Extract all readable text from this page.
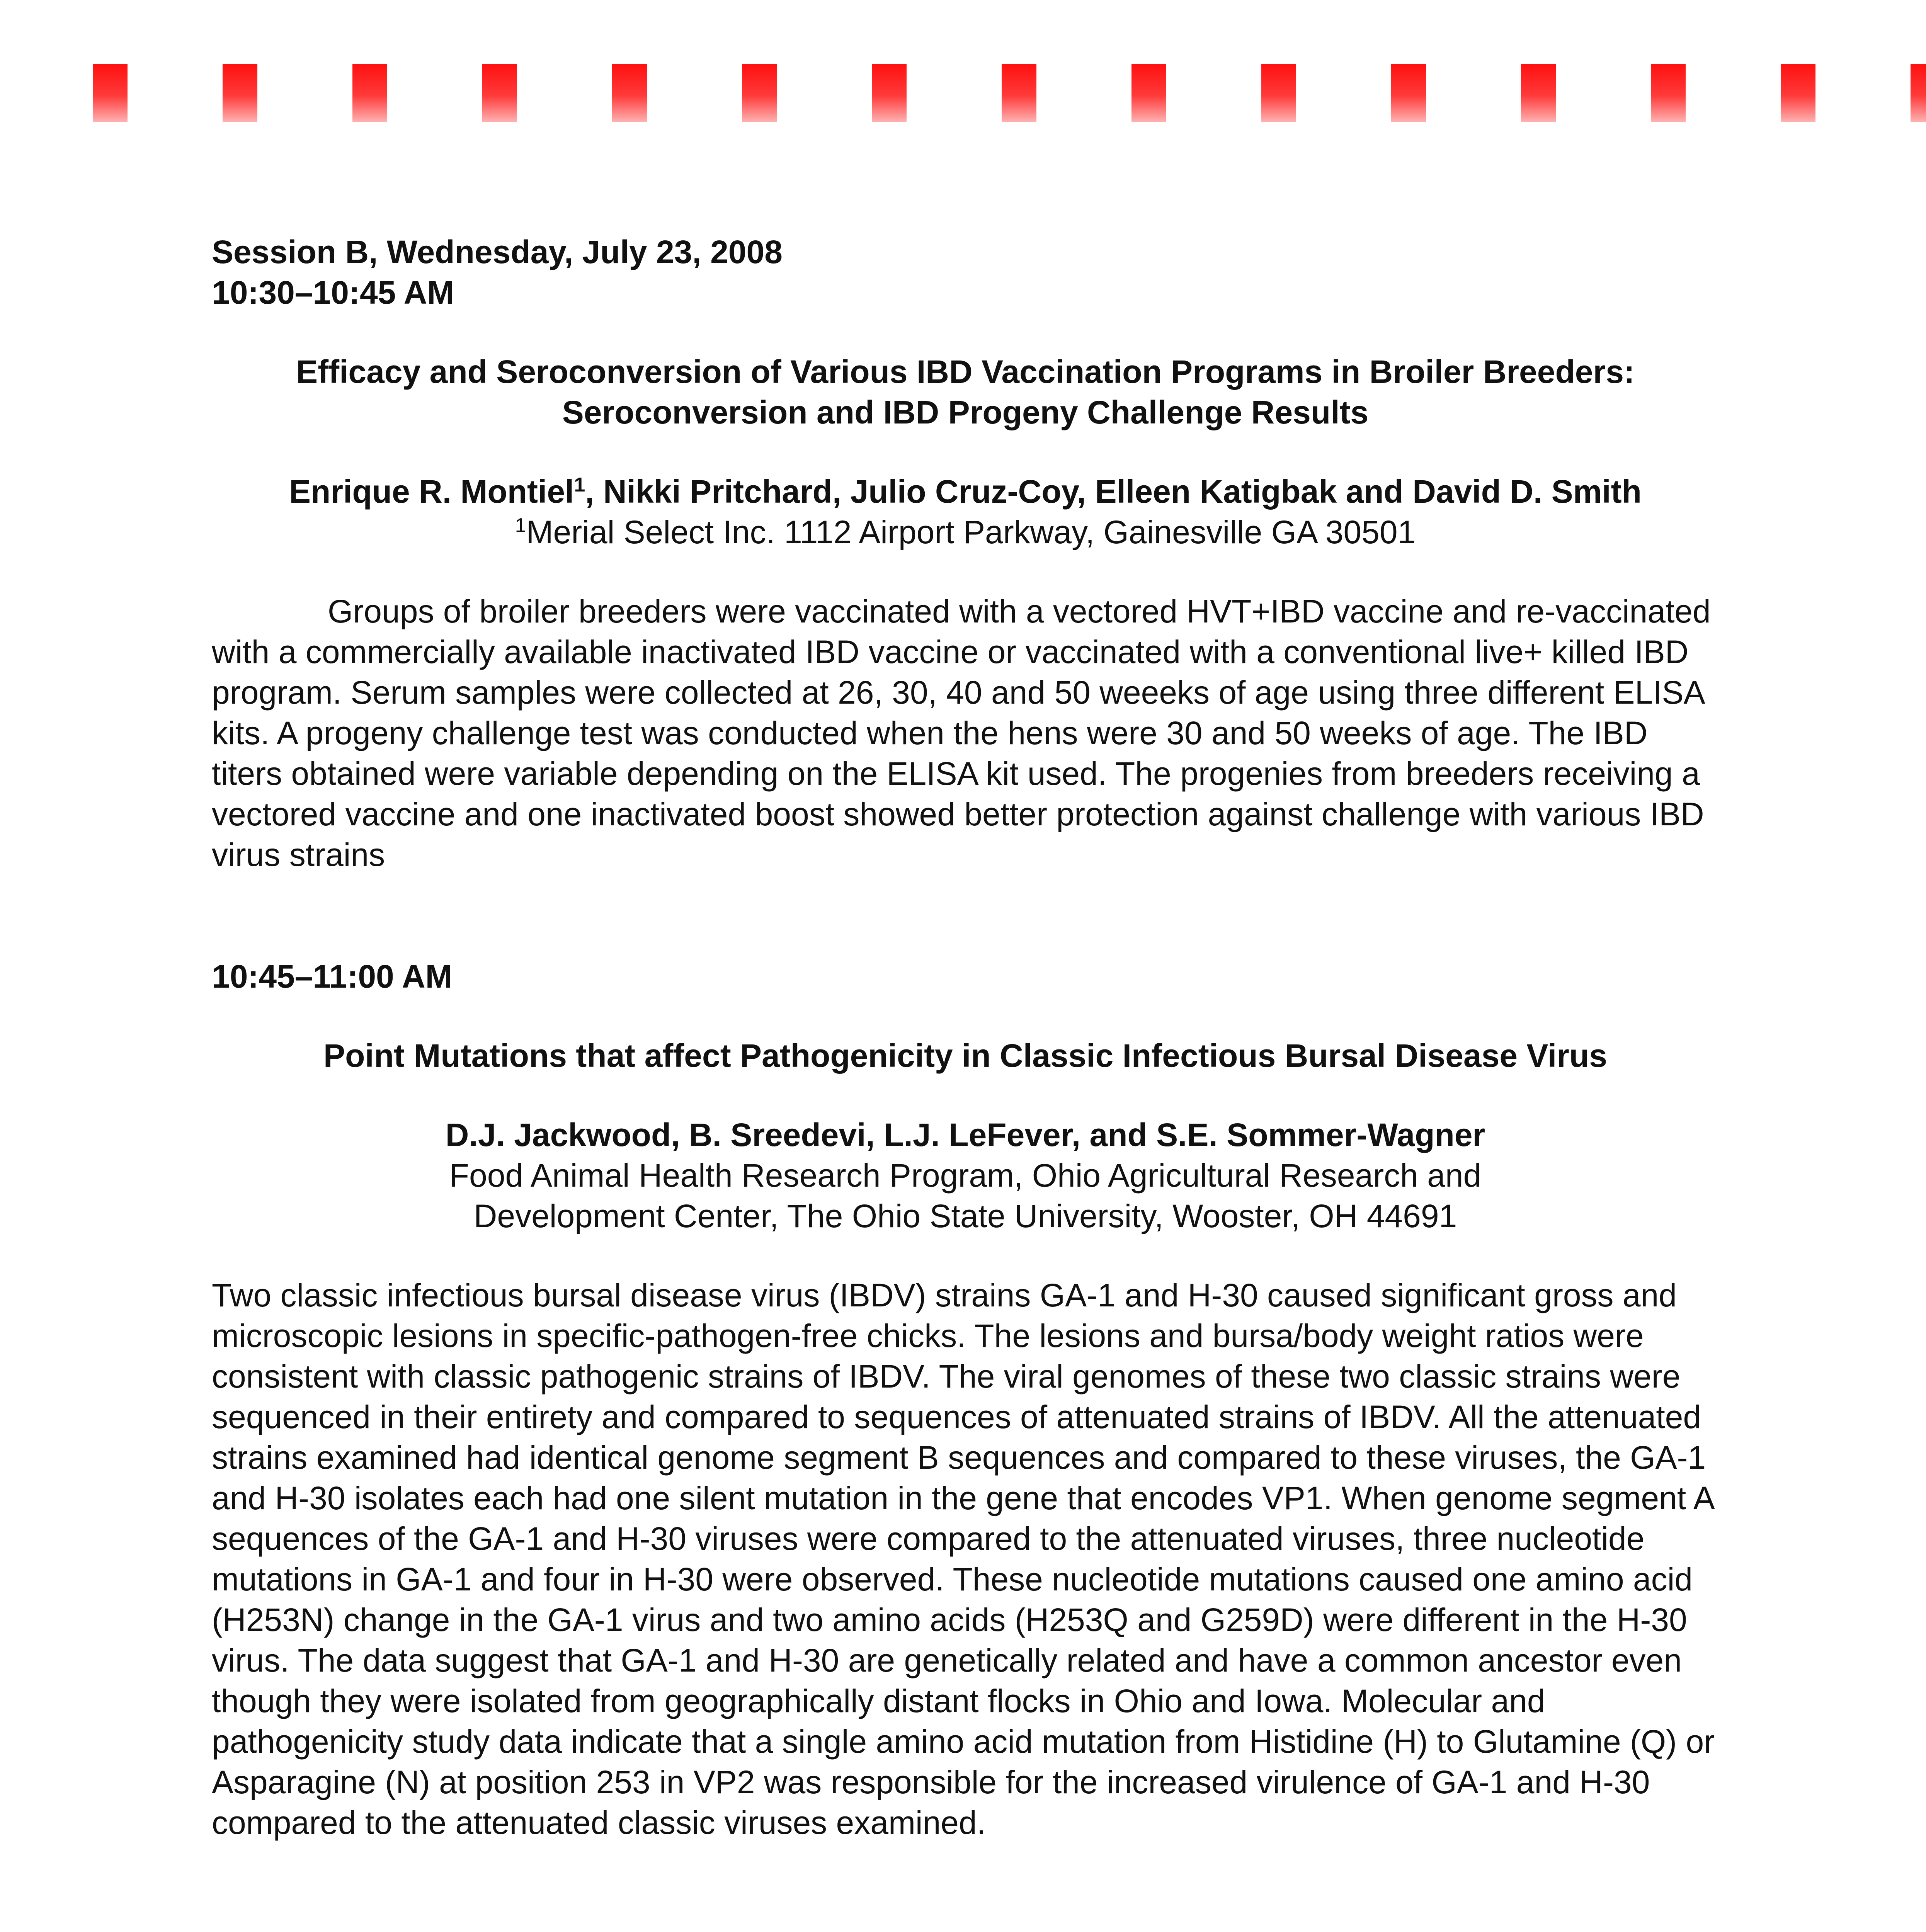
Session B, Wednesday, July 23, 2008

10:30–10:45 AM

Efficacy and Seroconversion of Various IBD Vaccination Programs in Broiler Breeders:
Seroconversion and IBD Progeny Challenge Results

Enrique R. Montiel$^1$, Nikki Pritchard, Julio Cruz-Coy, Elleen Katigbak and David D. Smith

$^1$Merial Select Inc. 1112 Airport Parkway, Gainesville GA 30501

Groups of broiler breeders were vaccinated with a vectored HVT+IBD vaccine and re-vaccinated with a commercially available inactivated IBD vaccine or vaccinated with a conventional live+ killed IBD program. Serum samples were collected at 26, 30, 40 and 50 weeeks of age using three different ELISA kits. A progeny challenge test was conducted when the hens were 30 and 50 weeks of age. The IBD titers obtained were variable depending on the ELISA kit used. The progenies from breeders receiving a vectored vaccine and one inactivated boost showed better protection against challenge with various IBD virus strains

10:45–11:00 AM

Point Mutations that affect Pathogenicity in Classic Infectious Bursal Disease Virus

D.J. Jackwood, B. Sreedevi, L.J. LeFever, and S.E. Sommer-Wagner

Food Animal Health Research Program, Ohio Agricultural Research and

Development Center, The Ohio State University, Wooster, OH 44691

Two classic infectious bursal disease virus (IBDV) strains GA-1 and H-30 caused significant gross and microscopic lesions in specific-pathogen-free chicks. The lesions and bursa/body weight ratios were consistent with classic pathogenic strains of IBDV. The viral genomes of these two classic strains were sequenced in their entirety and compared to sequences of attenuated strains of IBDV. All the attenuated strains examined had identical genome segment B sequences and compared to these viruses, the GA-1 and H-30 isolates each had one silent mutation in the gene that encodes VP1. When genome segment A sequences of the GA-1 and H-30 viruses were compared to the attenuated viruses, three nucleotide mutations in GA-1 and four in H-30 were observed. These nucleotide mutations caused one amino acid (H253N) change in the GA-1 virus and two amino acids (H253Q and G259D) were different in the H-30 virus. The data suggest that GA-1 and H-30 are genetically related and have a common ancestor even though they were isolated from geographically distant flocks in Ohio and Iowa. Molecular and pathogenicity study data indicate that a single amino acid mutation from Histidine (H) to Glutamine (Q) or Asparagine (N) at position 253 in VP2 was responsible for the increased virulence of GA-1 and H-30 compared to the attenuated classic viruses examined.
